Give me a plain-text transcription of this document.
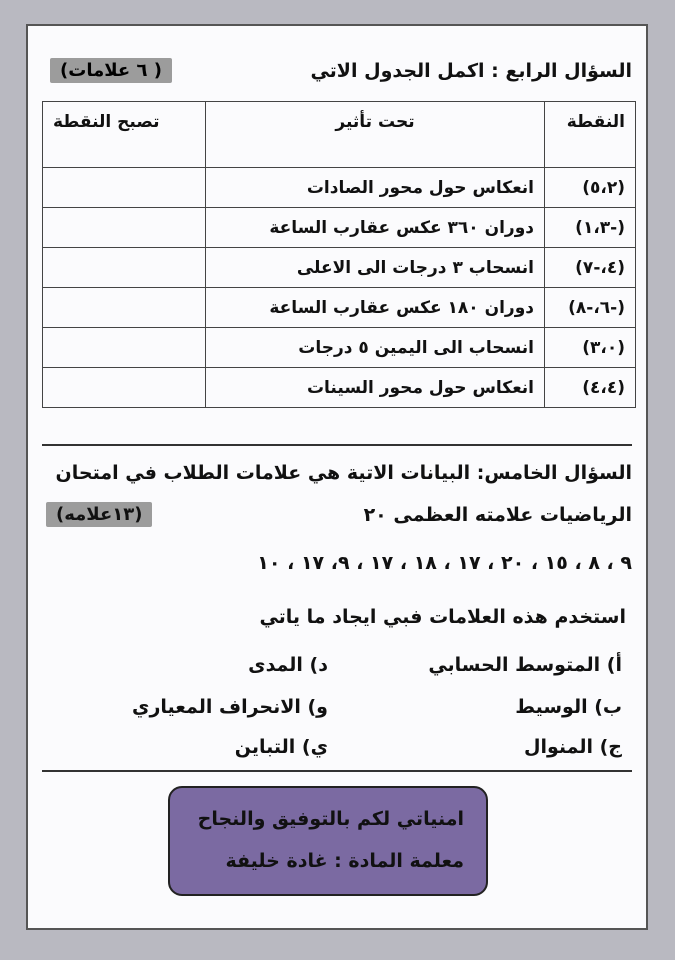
السؤال الرابع : اكمل الجدول الاتي
( ٦ علامات)
النقطة	تحت تأثير	تصبح النقطة
(٥،٢)	انعكاس حول محور الصادات	
(-١،٣)	دوران ٣٦٠ عكس عقارب الساعة	
(٤،-٧)	انسحاب ٣ درجات الى الاعلى	
(-٦،-٨)	دوران ١٨٠ عكس عقارب الساعة	
(٣،٠)	انسحاب الى اليمين ٥ درجات	
(٤،٤)	انعكاس حول محور السينات	
السؤال الخامس: البيانات الاتية هي علامات الطلاب في امتحان
الرياضيات علامته العظمى ٢٠
(١٣علامه)
٩ ، ٨ ، ١٥ ، ٢٠ ، ١٧ ، ١٨ ، ١٧ ، ٩، ١٧ ، ١٠
استخدم هذه العلامات فبي ايجاد ما ياتي
أ) المتوسط الحسابي
د) المدى
ب) الوسيط
و) الانحراف المعياري
ج) المنوال
ي) التباين
امنياتي لكم بالتوفيق والنجاح
معلمة المادة : غادة خليفة
